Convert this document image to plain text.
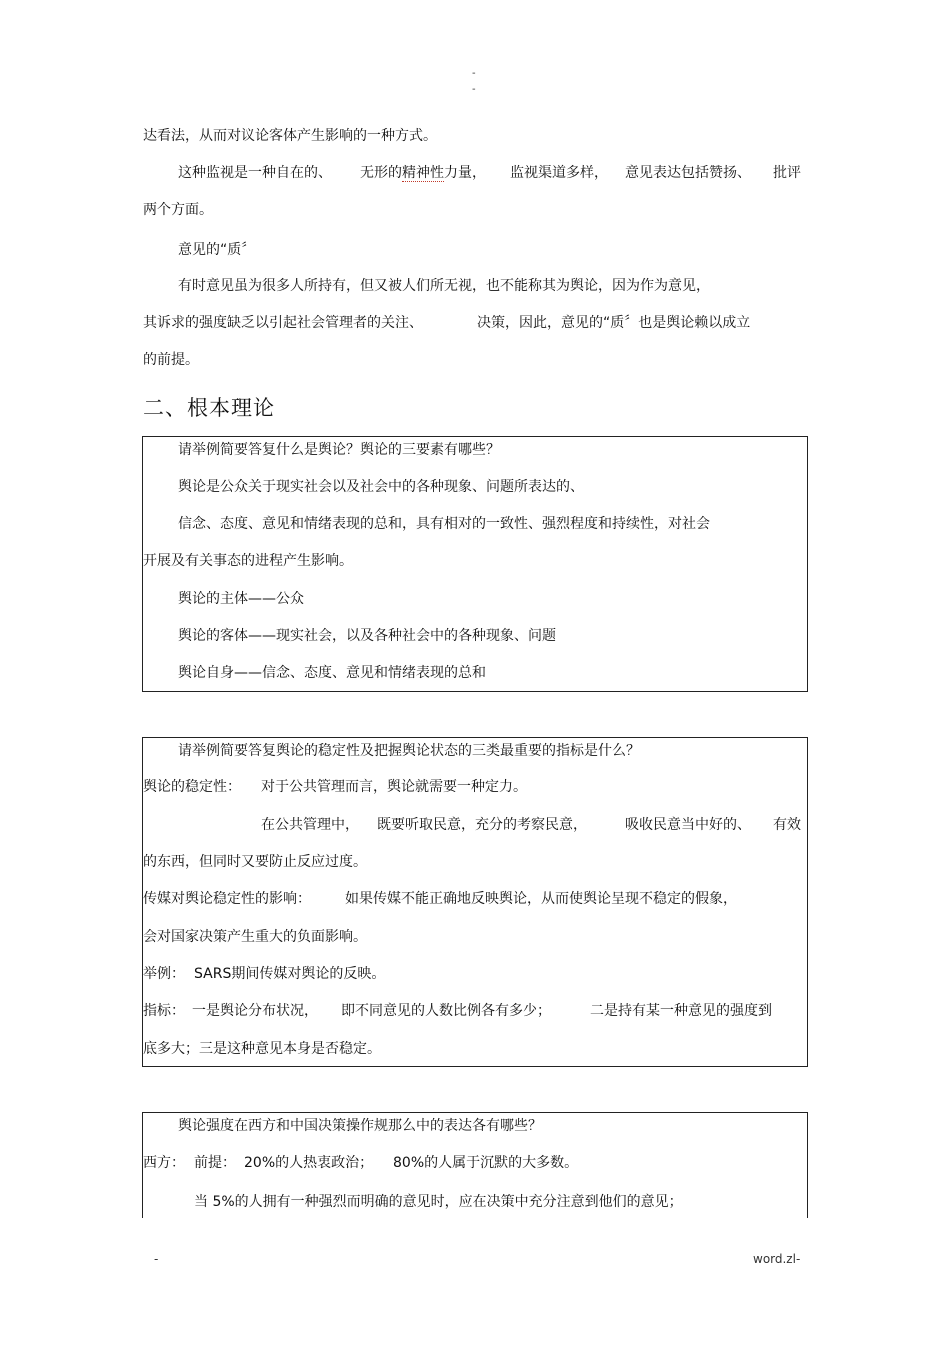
-
-
达看法，从而对议论客体产生影响的一种方式。
这种监视是一种自在的、 无形的精神性力量， 监视渠道多样， 意见表达包括赞扬、 批评
两个方面。
意见的“质〞
有时意见虽为很多人所持有，但又被人们所无视，也不能称其为舆论，因为作为意见，
其诉求的强度缺乏以引起社会管理者的关注、	决策，因此，意见的“质〞也是舆论赖以成立
的前提。
二、根本理论
请举例简要答复什么是舆论？舆论的三要素有哪些？
舆论是公众关于现实社会以及社会中的各种现象、问题所表达的、
信念、态度、意见和情绪表现的总和，具有相对的一致性、强烈程度和持续性，对社会
开展及有关事态的进程产生影响。
舆论的主体——公众
舆论的客体——现实社会，以及各种社会中的各种现象、问题
舆论自身——信念、态度、意见和情绪表现的总和
请举例简要答复舆论的稳定性及把握舆论状态的三类最重要的指标是什么？
舆论的稳定性： 对于公共管理而言，舆论就需要一种定力。
在公共管理中， 既要听取民意，充分的考察民意，	吸收民意当中好的、 有效
的东西，但同时又要防止反应过度。
传媒对舆论稳定性的影响： 如果传媒不能正确地反映舆论，从而使舆论呈现不稳定的假象，
会对国家决策产生重大的负面影响。
举例： SARS期间传媒对舆论的反映。
指标： 一是舆论分布状况， 即不同意见的人数比例各有多少；	二是持有某一种意见的强度到
底多大；三是这种意见本身是否稳定。
舆论强度在西方和中国决策操作规那么中的表达各有哪些？
西方： 前提： 20%的人热衷政治； 80%的人属于沉默的大多数。
当 5%的人拥有一种强烈而明确的意见时，应在决策中充分注意到他们的意见；
-	word.zl-
